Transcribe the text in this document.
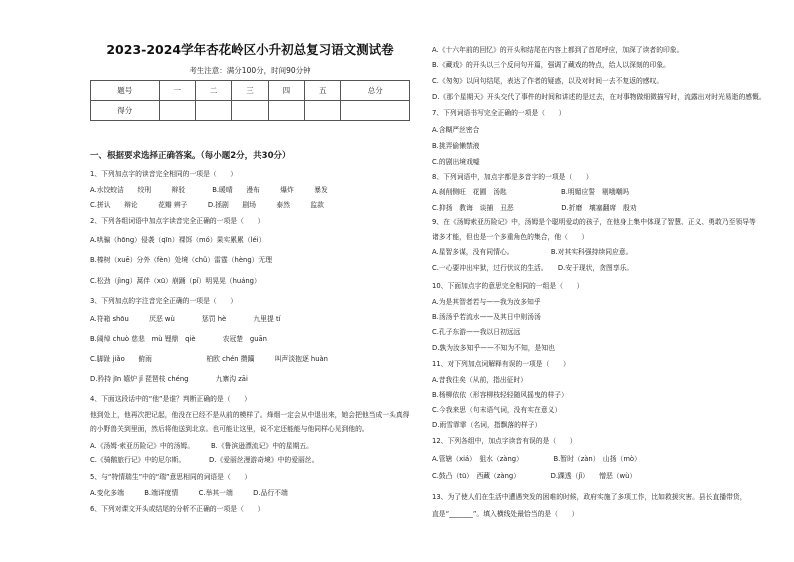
2023-2024学年杏花岭区小升初总复习语文测试卷
考生注意：满分100分，时间90分钟
题号	一	二	三	四	五	总分
得分						
一、根据要求选择正确答案。（每小题2分，共30分）
1、下列加点字的读音完全相同的一项是（　　）
A.水饺蛟洁　　绞刑　　　辩驳　　　　B.暖晴　　漫布　　　爆炸　　　暴发
C.拼认　　辩论　　　花瓣 辨子　　　D.拯剧　　剧场　　　泰然　　　监款
2、下列各组词语中加点字读音完全正确的一项是（　　）
A.哄骗（hōng）侵袭（qīn）裸饵（mó）果实累累（léi）
B.榛树（xuē）分外（fèn）处境（chǔ）雷霆（hèng）无理
C.松劲（jìng）蒿伴（xū）崩踊（pǐ）明晃晃（huáng）
3、下列加点的字注音完全正确的一项是（　　）
A.符箱 shōu　　　厌恶 wù　　　　惩罚 hè　　　　九里提 tí
B.阔绰 chuò 慈悲　mù 锂鼎　qiè　　　　农冠楚　guān
C.脚趾 jiǎo　　俯雨　　　　　　　　柏欧 chén 攒躏　　　叫声淡抱逐 huàn
D.矜持 jīn 嬉炉 jǐ 琵琶枝 chéng　　　　九寨沟 zāi
4、下面这段话中的“他”是谁？判断正确的是（　　）
他到处上，他再次把记起，他没在已经不是从前的模样了。烽烟一定会从中退出来，她会把他当成一头真得
的小野兽关到里面，然后将他送到北京。也可能让这里，说不定还能能与他同样心见到他的。
A.《汤姆·索亚历险记》中的汤姆。　　　B.《鲁滨逊漂流记》中的星期五。
C.《骑鹅旅行记》中的尼尔斯。　　　　D.《爱丽丝漫游奇境》中的爱丽丝。
5、与“特情瑞生”中的“瑞”意思相同的词语是（　　）
A.变化多端　　　B.端详度情　　　C.举其一端　　　D.品行不端
6、下列对课文开头或结尾的分析不正确的一项是（　　）
A.《十六年前的回忆》的开头和结尾在内容上都到了首尾呼应，加深了读者的印象。
B.《藏戏》的开头以三个反问句开篇，强调了藏戏的特点，给人以深刻的印象。
C.《匆匆》以问句结尾，表达了作者的疑惑，以及对时间一去不复返的感叹。
D.《那个星期天》开头交代了事件的时间和讲述的是过去，在对事物做细微描写时，流露出对时光易逝的感慨。
7、下列词语书写完全正确的一项是（　　）
A.含糊严丝密合
B.挑弄偷懒禁液
C.的剧出境戏嘘
8、下列词语中，加点字都是多音字的一项是（　　）
A.刹削侧旺　花圃　汤匙　　　　　　　　B.明媚应誓　剔哦嘲吗
C.抑扬　教诲　谈捕　丑恶　　　　　　　D.折磨　壤塞翻席　殷劝
9、在《汤姆索亚历险记》中，汤姆是个聪明爱动的孩子，在他身上集中体现了智慧、正义、勇敢乃至领导等
诸多才能，但也是一个多重角色的集合，他（　　）
A.星智多谋，没有同情心。　　　　　　B.对其实科强持续同应意。
C.一心要冲出牢狱，过行伏议的生活。　　D.安于现状，贪图享乐。
10、下面加点字的意思完全相同的一组是（　　）
A.为是其智者若与——我为汝多知乎
B.汤汤乎若流水——及其日中则汤汤
C.孔子东游——我以日初远远
D.孰为汝多知乎——不知为不知，是知也
11、对下列加点词解释有误的一项是（　　）
A.昔我往矣（从前，指出征时）
B.杨柳依依（形容柳枝轻轻随风摇曳的样子）
C.今我来思（句末语气词，没有实在意义）
D.雨雪霏霏（名词，指飘落的样子）
12、下列各组中，加点字读音有误的是（　　）
A.管辖（xiá）　狙水（zàng）　　　　　B.暂时（zàn）　山扬（mò）
C.鼓凸（tū）　西藏（zàng）　　　　　D.踝透（jǐ）　　憎恶（wù）
13、为了使人们在生活中遭遇突发的困难的时候，政府实施了多项工作，比如救援灾害。县长直播带货，
直是“_______”。填入横线处最恰当的是（　　）
